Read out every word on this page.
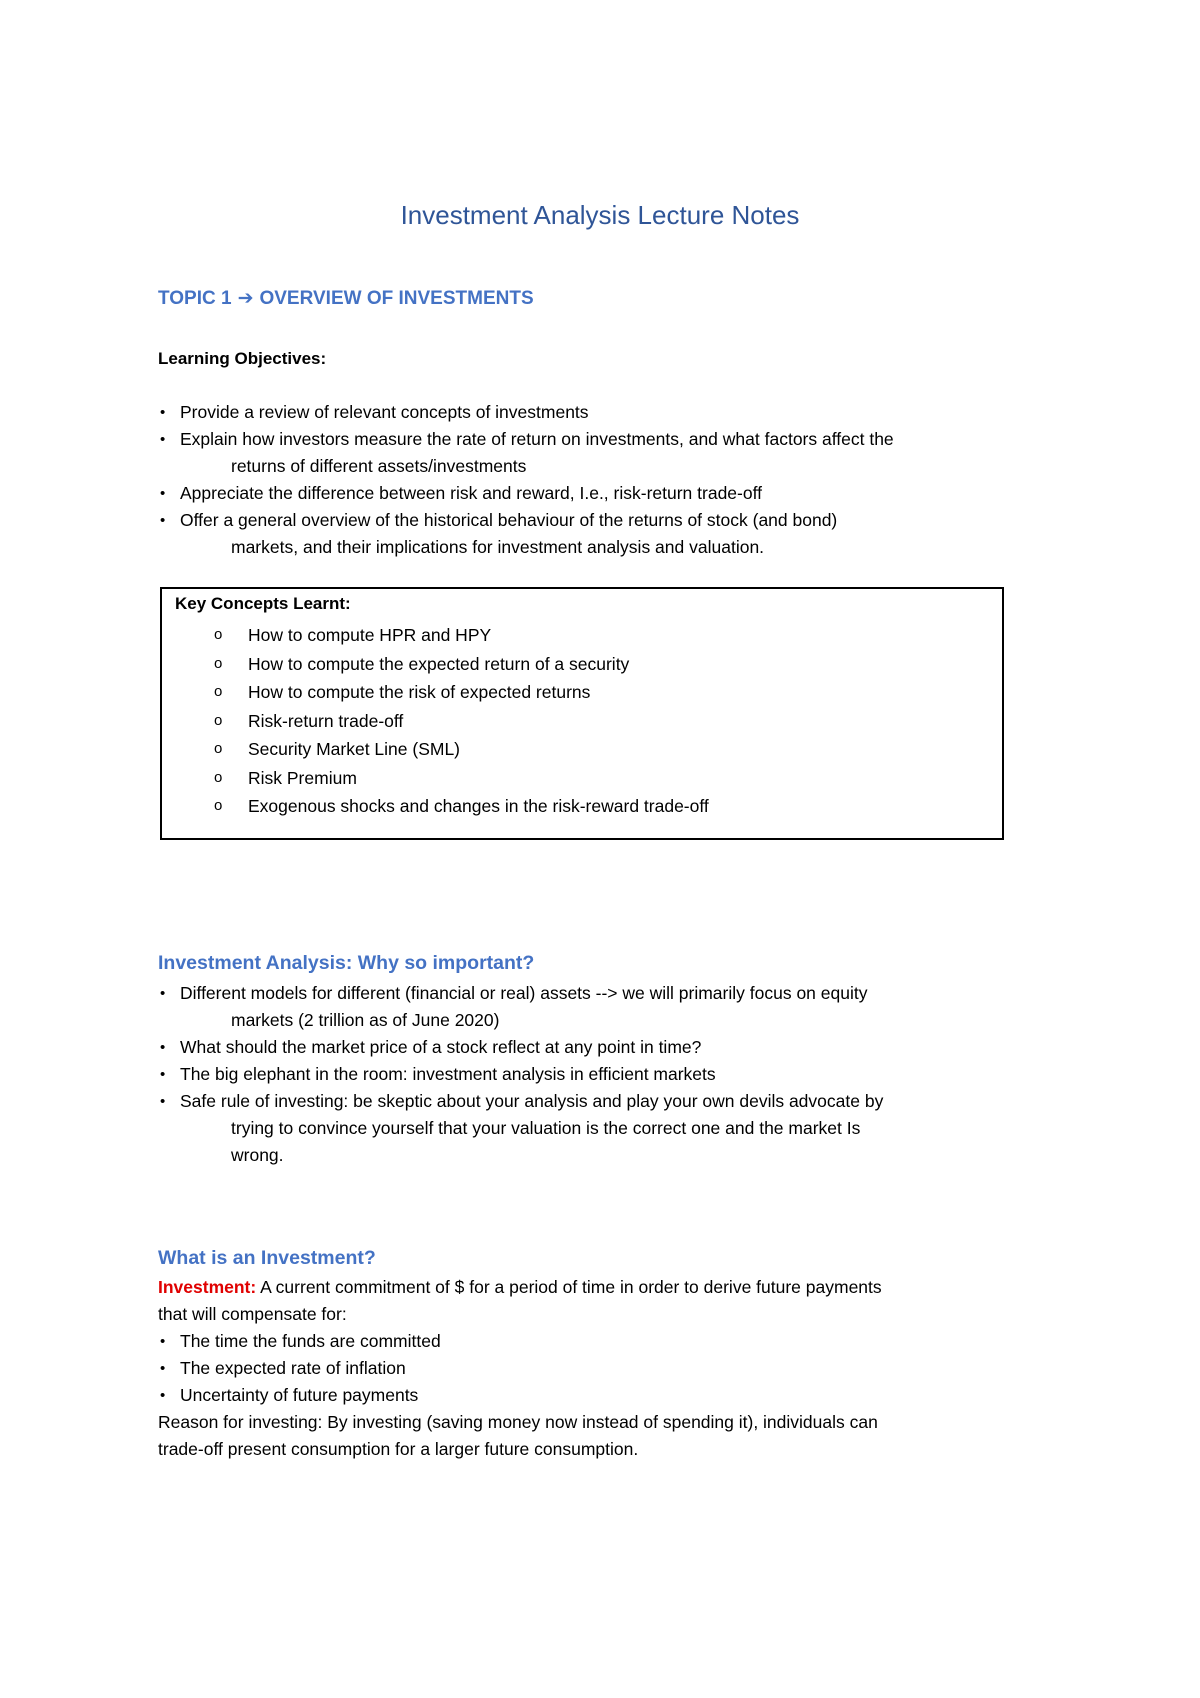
Investment Analysis Lecture Notes
TOPIC 1 ➔ OVERVIEW OF INVESTMENTS
Learning Objectives:
• Provide a review of relevant concepts of investments
• Explain how investors measure the rate of return on investments, and what factors affect the
returns of different assets/investments
• Appreciate the difference between risk and reward, I.e., risk-return trade-off
• Offer a general overview of the historical behaviour of the returns of stock (and bond)
markets, and their implications for investment analysis and valuation.
Key Concepts Learnt:
o How to compute HPR and HPY
o How to compute the expected return of a security
o How to compute the risk of expected returns
o Risk-return trade-off
o Security Market Line (SML)
o Risk Premium
o Exogenous shocks and changes in the risk-reward trade-off
Investment Analysis: Why so important?
• Different models for different (financial or real) assets --> we will primarily focus on equity
markets (2 trillion as of June 2020)
• What should the market price of a stock reflect at any point in time?
• The big elephant in the room: investment analysis in efficient markets
• Safe rule of investing: be skeptic about your analysis and play your own devils advocate by
trying to convince yourself that your valuation is the correct one and the market Is
wrong.
What is an Investment?
Investment: A current commitment of $ for a period of time in order to derive future payments
that will compensate for:
• The time the funds are committed
• The expected rate of inflation
• Uncertainty of future payments
Reason for investing: By investing (saving money now instead of spending it), individuals can
trade-off present consumption for a larger future consumption.
